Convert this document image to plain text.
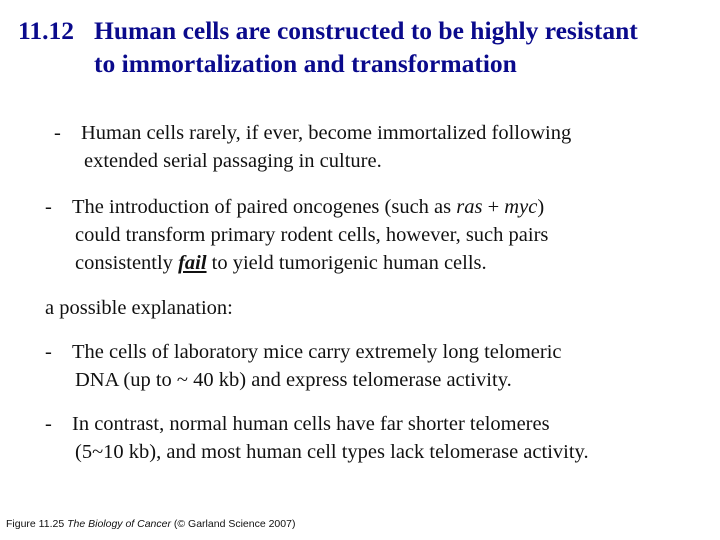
11.12 Human cells are constructed to be highly resistant
to immortalization and transformation
- Human cells rarely, if ever, become immortalized following
extended serial passaging in culture.
- The introduction of paired oncogenes (such as ras + myc)
could transform primary rodent cells, however, such pairs
consistently fail to yield tumorigenic human cells.
a possible explanation:
- The cells of laboratory mice carry extremely long telomeric
DNA (up to ~ 40 kb) and express telomerase activity.
- In contrast, normal human cells have far shorter telomeres
(5~10 kb), and most human cell types lack telomerase activity.
Figure 11.25 The Biology of Cancer (© Garland Science 2007)
